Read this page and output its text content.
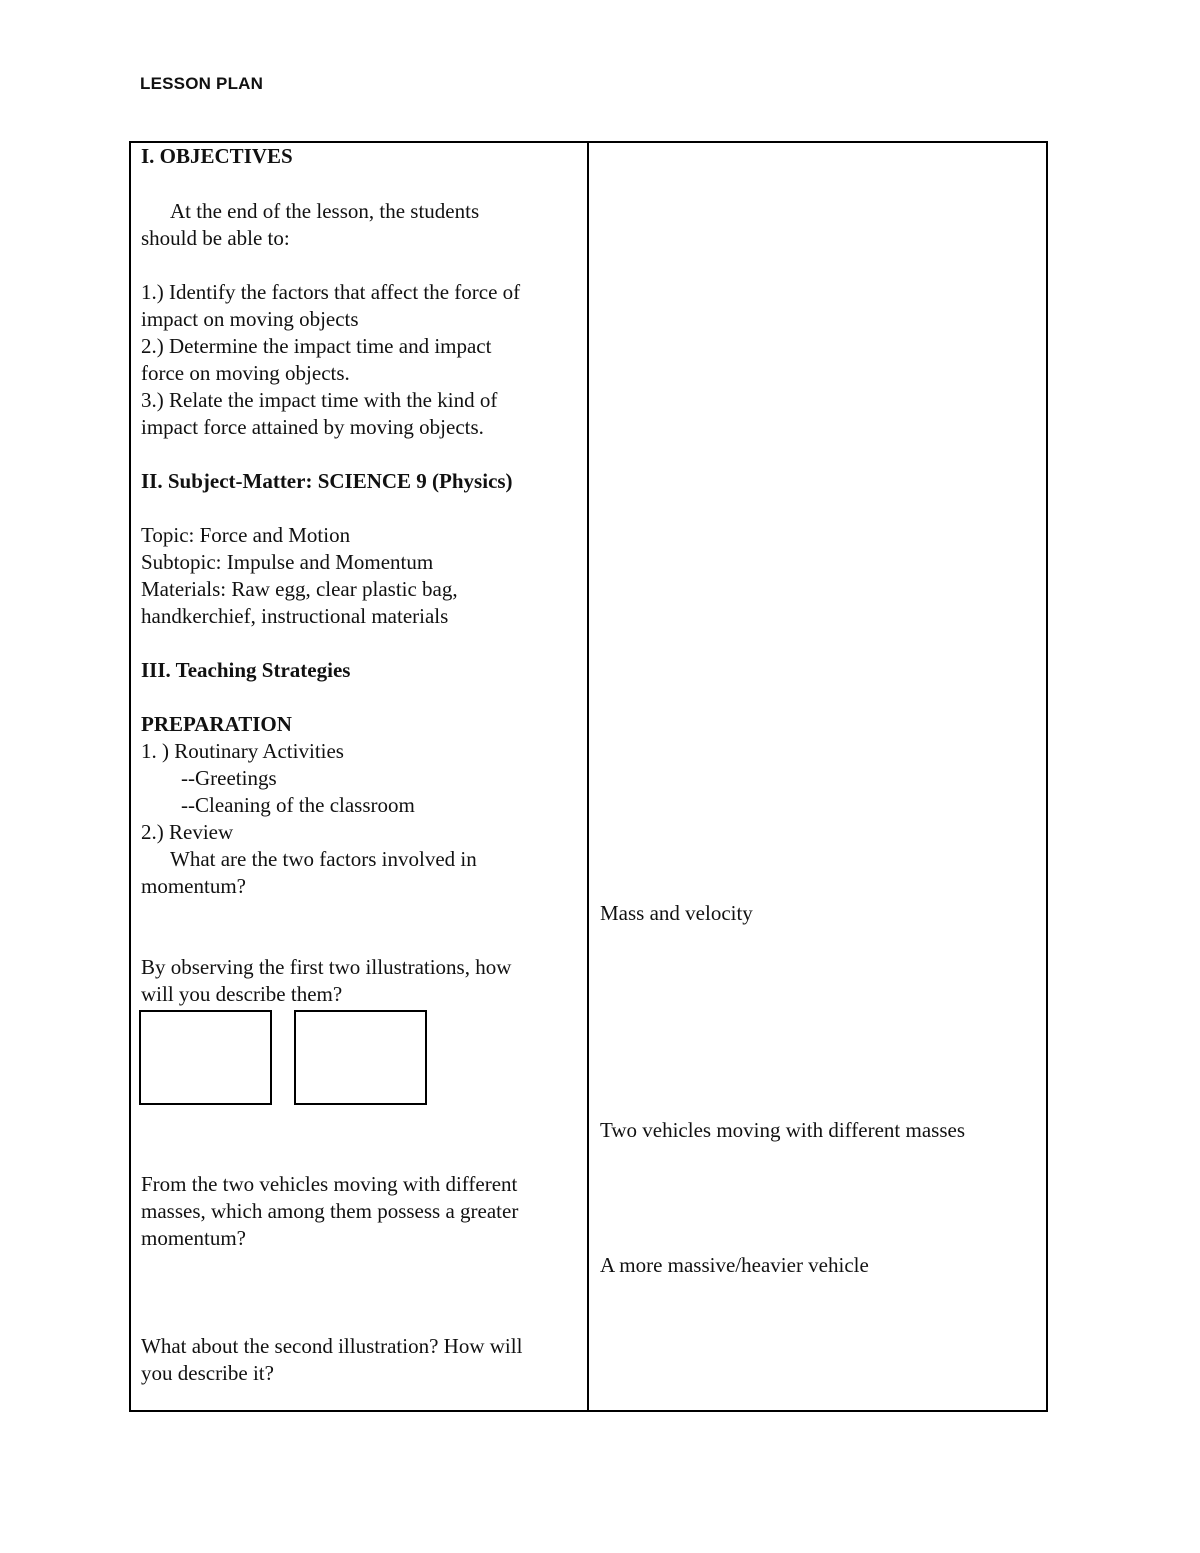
LESSON PLAN

I. OBJECTIVES

At the end of the lesson, the students

should be able to:

1.) Identify the factors that affect the force of

impact on moving objects

2.) Determine the impact time and impact

force on moving objects.

3.) Relate the impact time with the kind of

impact force attained by moving objects.

II. Subject-Matter: SCIENCE 9 (Physics)

Topic: Force and Motion

Subtopic: Impulse and Momentum

Materials: Raw egg, clear plastic bag,

handkerchief, instructional materials

III. Teaching Strategies

PREPARATION

1. ) Routinary Activities

--Greetings

--Cleaning of the classroom

2.) Review

What are the two factors involved in

momentum?

By observing the first two illustrations, how

will you describe them?

From the two vehicles moving with different

masses, which among them possess a greater

momentum?

What about the second illustration? How will

you describe it?

Mass and velocity

Two vehicles moving with different masses

A more massive/heavier vehicle
